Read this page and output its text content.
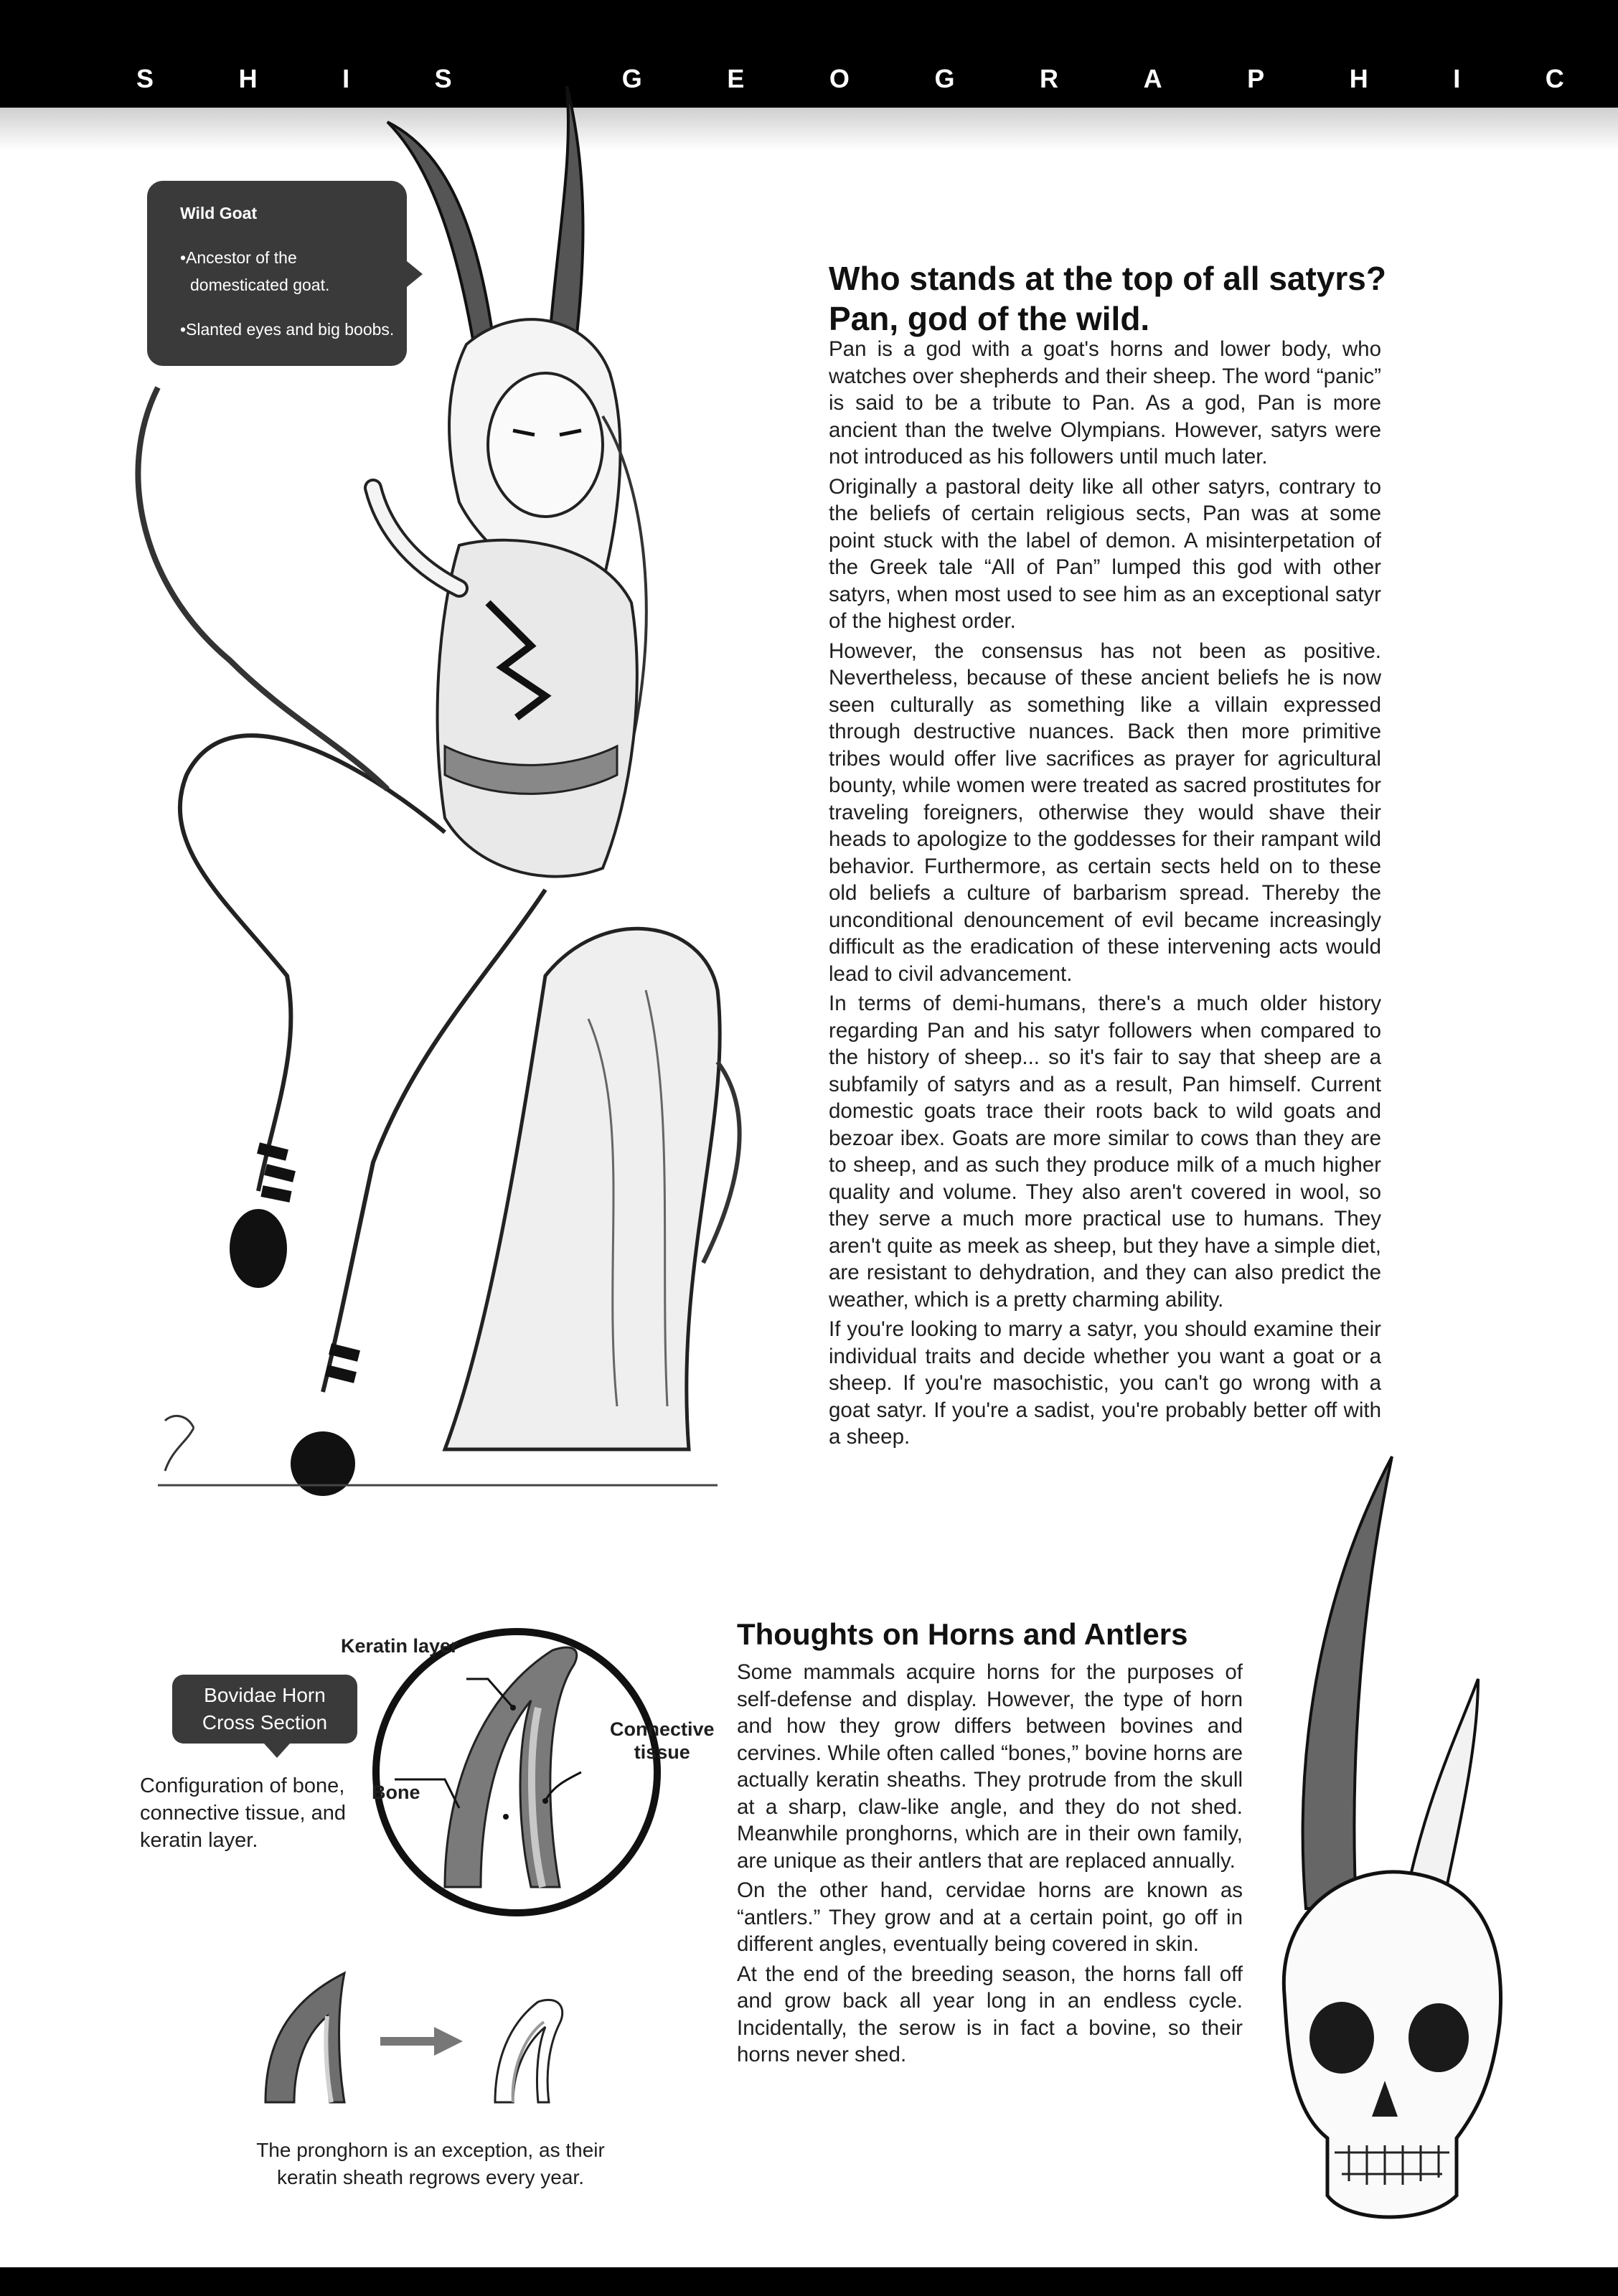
S	H	I	S	G	E	O	G	R	A	P	H	I	C
Wild Goat
•Ancestor of the
domesticated goat.
•Slanted eyes and big boobs.
Who stands at the top of all satyrs?
Pan, god of the wild.

Pan is a god with a goat's horns and lower body, who watches over shepherds and their sheep. The word “panic” is said to be a tribute to Pan. As a god, Pan is more ancient than the twelve Olympians. However, satyrs were not introduced as his followers until much later.

Originally a pastoral deity like all other satyrs, contrary to the beliefs of certain religious sects, Pan was at some point stuck with the label of demon. A misinterpetation of the Greek tale “All of Pan” lumped this god with other satyrs, when most used to see him as an exceptional satyr of the highest order.

However, the consensus has not been as positive. Nevertheless, because of these ancient beliefs he is now seen culturally as something like a villain expressed through destructive nuances. Back then more primitive tribes would offer live sacrifices as prayer for agricultural bounty, while women were treated as sacred prostitutes for traveling foreigners, otherwise they would shave their heads to apologize to the goddesses for their rampant wild behavior. Furthermore, as certain sects held on to these old beliefs a culture of barbarism spread. Thereby the unconditional denouncement of evil became increasingly difficult as the eradication of these intervening acts would lead to civil advancement.

In terms of demi-humans, there's a much older history regarding Pan and his satyr followers when compared to the history of sheep... so it's fair to say that sheep are a subfamily of satyrs and as a result, Pan himself. Current domestic goats trace their roots back to wild goats and bezoar ibex. Goats are more similar to cows than they are to sheep, and as such they produce milk of a much higher quality and volume. They also aren't covered in wool, so they serve a much more practical use to humans. They aren't quite as meek as sheep, but they have a simple diet, are resistant to dehydration, and they can also predict the weather, which is a pretty charming ability.

If you're looking to marry a satyr, you should examine their individual traits and decide whether you want a goat or a sheep. If you're masochistic, you can't go wrong with a goat satyr. If you're a sadist, you're probably better off with a sheep.

Thoughts on Horns and Antlers

Some mammals acquire horns for the purposes of self-defense and display. However, the type of horn and how they grow differs between bovines and cervines. While often called “bones,” bovine horns are actually keratin sheaths. They protrude from the skull at a sharp, claw-like angle, and they do not shed. Meanwhile pronghorns, which are in their own family, are unique as their antlers that are replaced annually.

On the other hand, cervidae horns are known as “antlers.” They grow and at a certain point, go off in different angles, eventually being covered in skin.

At the end of the breeding season, the horns fall off and grow back all year long in an endless cycle. Incidentally, the serow is in fact a bovine, so their horns never shed.

Bovidae Horn
Cross Section
Configuration of bone,
connective tissue, and
keratin layer.
Keratin layer
Connective
tissue
Bone
The pronghorn is an exception, as their
keratin sheath regrows every year.
